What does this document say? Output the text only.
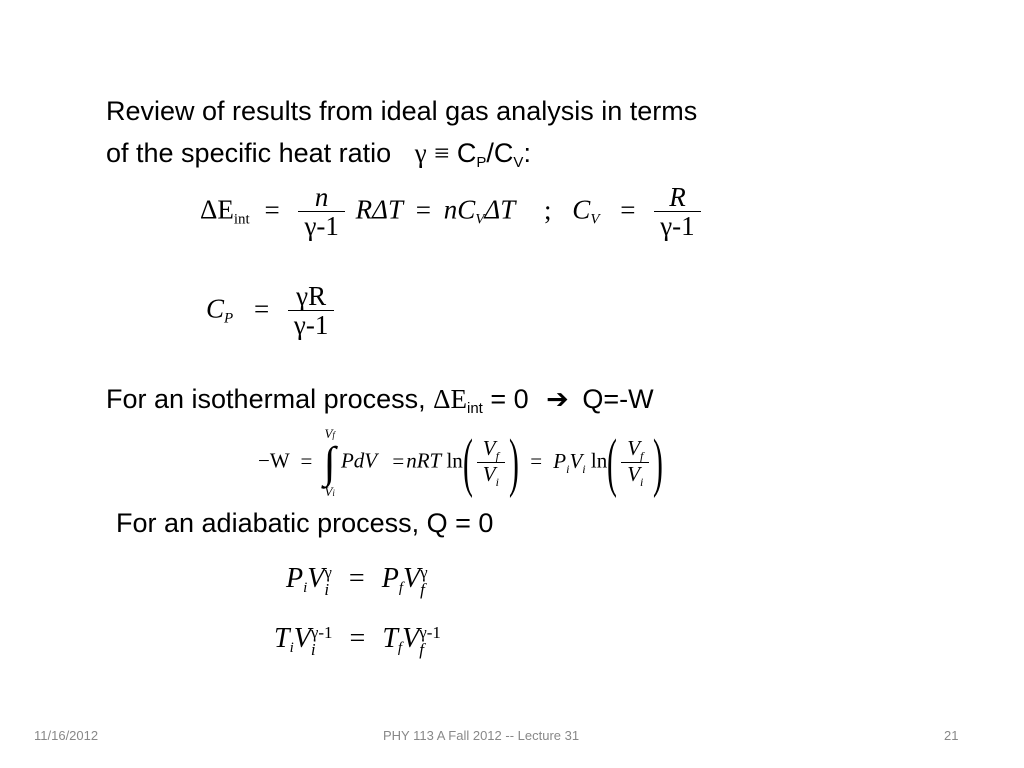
Review of results from ideal gas analysis in terms
of the specific heat ratio $\gamma \equiv C_P/C_V$:
$\Delta E_{int} = \frac{n}{\gamma-1}$ $R\Delta T = nC_V\Delta T$ ; $C_V = \frac{R}{\gamma-1}$
$C_P = \frac{\gamma R}{\gamma-1}$
For an isothermal process, $\Delta E_{int} = 0$ ➔ Q=-W
−W =
Vf
∫
Vi
PdV =nRT $\ln( \frac{V_f}{V_i}$ ) = $P_iV_i$ $\ln( \frac{V_f}{V_i}$ )
For an adiabatic process, Q = 0
$P_iV$ γ
$i = P_fV$ γ
f
$T_iV$ γ-1
i	= $T_fV$ γ-1
f
11/16/2012	PHY 113 A Fall 2012 -- Lecture 31	21
